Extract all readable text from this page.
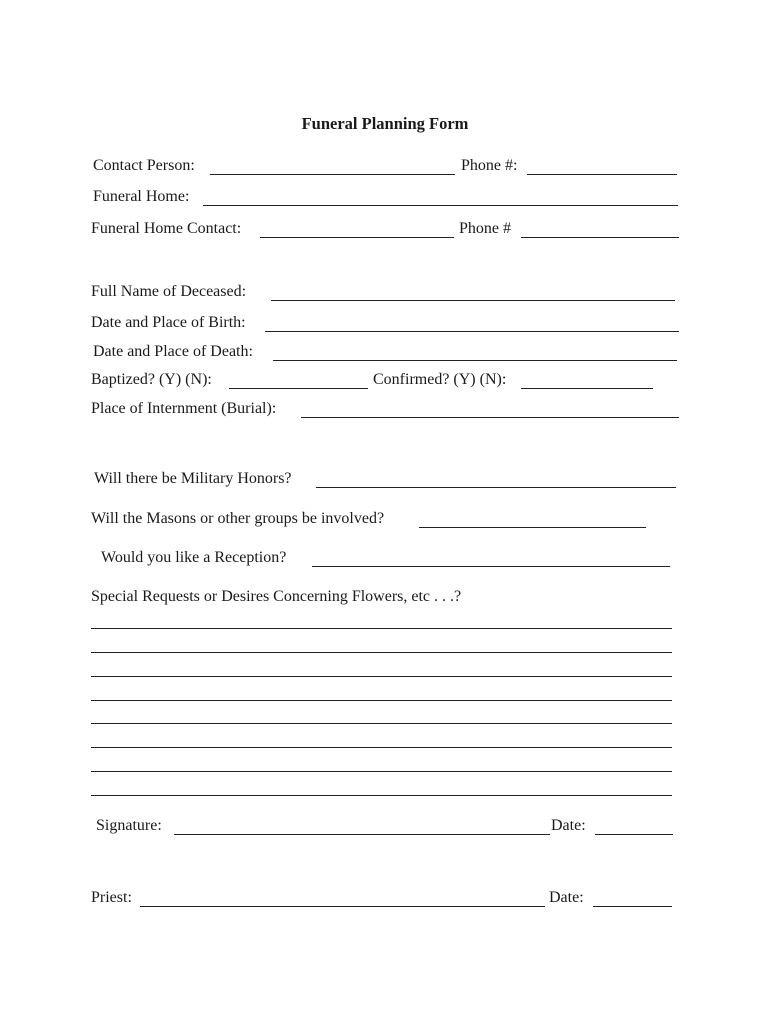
Funeral Planning Form
Contact Person:	Phone #:
Funeral Home:
Funeral Home Contact:	Phone #
Full Name of Deceased:
Date and Place of Birth:
Date and Place of Death:
Baptized? (Y) (N):	Confirmed? (Y) (N):
Place of Internment (Burial):
Will there be Military Honors?
Will the Masons or other groups be involved?
Would you like a Reception?
Special Requests or Desires Concerning Flowers, etc . . .?
Signature:	Date:
Priest:	Date:
